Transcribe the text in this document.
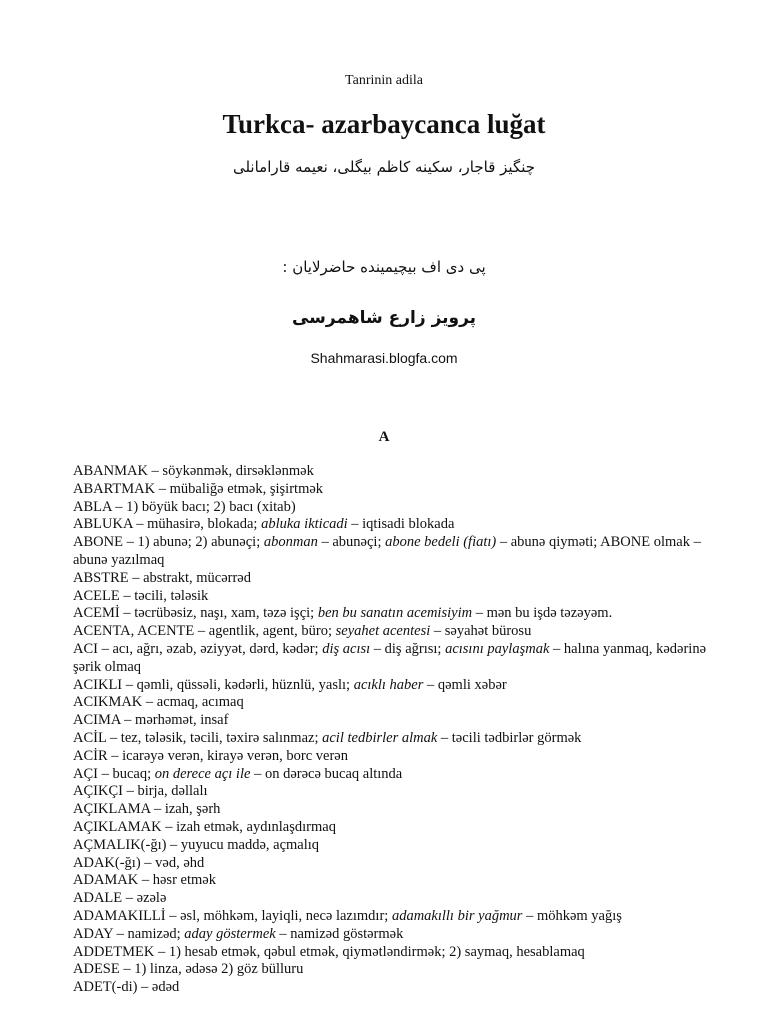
Tanrinin adila
Turkca- azarbaycanca luğat
چنگیز قاجار، سکینه کاظم بیگلی، نعیمه قارامانلی
پی دی اف بیچیمینده حاضرلایان :
پرویز زارع شاهمرسی
Shahmarasi.blogfa.com
A

ABANMAK – söykənmək, dirsəklənmək

ABARTMAK – mübaliğə etmək, şişirtmək

ABLA – 1) böyük bacı; 2) bacı (xitab)

ABLUKA – mühasirə, blokada; abluka ikticadi – iqtisadi blokada

ABONE – 1) abunə; 2) abunəçi; abonman – abunəçi; abone bedeli (fiatı) – abunə qiyməti; ABONE olmak – abunə yazılmaq

ABSTRE – abstrakt, mücərrəd

ACELE – təcili, tələsik

ACEMİ – təcrübəsiz, naşı, xam, təzə işçi; ben bu sanatın acemisiyim – mən bu işdə təzəyəm.

ACENTA, ACENTE – agentlik, agent, büro; seyahet acentesi – səyahət bürosu

ACI – acı, ağrı, əzab, əziyyət, dərd, kədər; diş acısı – diş ağrısı; acısını paylaşmak – halına yanmaq, kədərinə şərik olmaq

ACIKLI – qəmli, qüssəli, kədərli, hüznlü, yaslı; acıklı haber – qəmli xəbər

ACIKMAK – acmaq, acımaq

ACIMA – mərhəmət, insaf

ACİL – tez, tələsik, təcili, təxirə salınmaz; acil tedbirler almak – təcili tədbirlər görmək

ACİR – icarəyə verən, kirayə verən, borc verən

AÇI – bucaq; on derece açı ile – on dərəcə bucaq altında

AÇIKÇI – birja, dəllalı

AÇIKLAMA – izah, şərh

AÇIKLAMAK – izah etmək, aydınlaşdırmaq

AÇMALIK(-ğı) – yuyucu maddə, açmalıq

ADAK(-ğı) – vəd, əhd

ADAMAK – həsr etmək

ADALE – əzələ

ADAMAKILLİ – əsl, möhkəm, layiqli, necə lazımdır; adamakıllı bir yağmur – möhkəm yağış

ADAY – namizəd; aday göstermek – namizəd göstərmək

ADDETMEK – 1) hesab etmək, qəbul etmək, qiymətləndirmək; 2) saymaq, hesablamaq

ADESE – 1) linza, ədəsə 2) göz bülluru

ADET(-di) – ədəd
